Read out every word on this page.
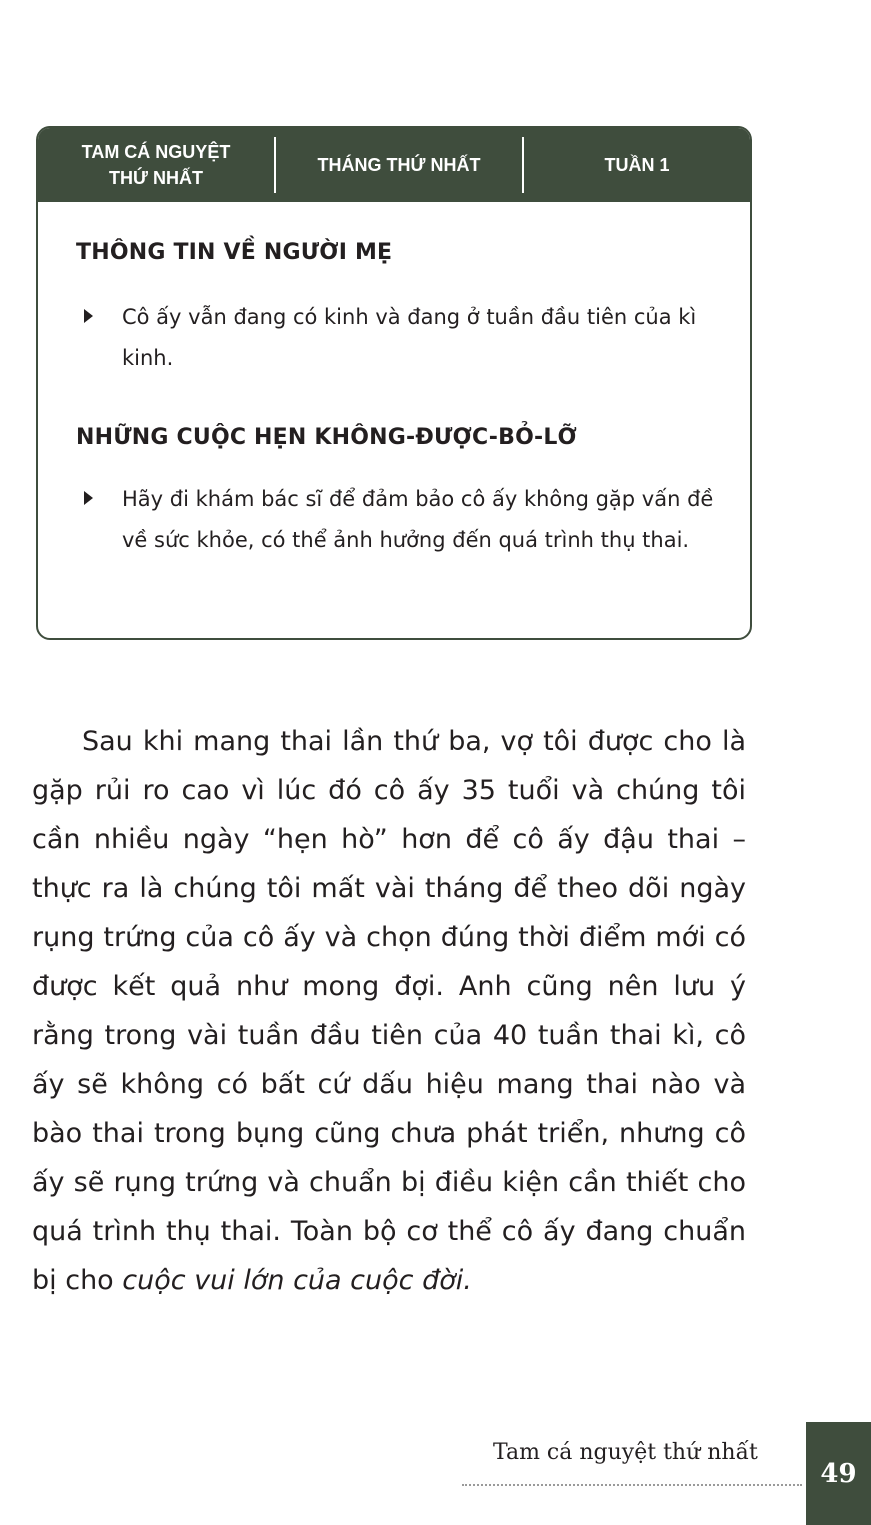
TAM CÁ NGUYỆT
THỨ NHẤT
THÁNG THỨ NHẤT	TUẦN 1
THÔNG TIN VỀ NGƯỜI MẸ
Cô ấy vẫn đang có kinh và đang ở tuần đầu tiên của kì kinh.
NHỮNG CUỘC HẸN KHÔNG-ĐƯỢC-BỎ-LỠ
Hãy đi khám bác sĩ để đảm bảo cô ấy không gặp vấn đề về sức khỏe, có thể ảnh hưởng đến quá trình thụ thai.
Sau khi mang thai lần thứ ba, vợ tôi được cho là gặp rủi ro cao vì lúc đó cô ấy 35 tuổi và chúng tôi cần nhiều ngày “hẹn hò” hơn để cô ấy đậu thai – thực ra là chúng tôi mất vài tháng để theo dõi ngày rụng trứng của cô ấy và chọn đúng thời điểm mới có được kết quả như mong đợi. Anh cũng nên lưu ý rằng trong vài tuần đầu tiên của 40 tuần thai kì, cô ấy sẽ không có bất cứ dấu hiệu mang thai nào và bào thai trong bụng cũng chưa phát triển, nhưng cô ấy sẽ rụng trứng và chuẩn bị điều kiện cần thiết cho quá trình thụ thai. Toàn bộ cơ thể cô ấy đang chuẩn bị cho cuộc vui lớn của cuộc đời.
Tam cá nguyệt thứ nhất
49
